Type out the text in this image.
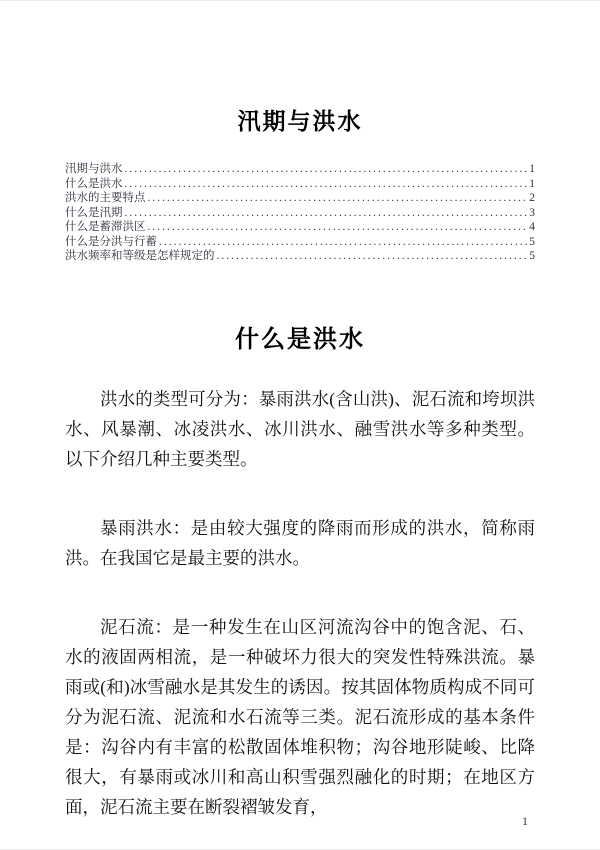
汛期与洪水
汛期与洪水 .....	1
什么是洪水 .....	1
洪水的主要特点 .....	2
什么是汛期 .....	3
什么是蓄滞洪区 .....	4
什么是分洪与行蓄 .....	5
洪水频率和等级是怎样规定的 .....	5
什么是洪水

洪水的类型可分为：暴雨洪水(含山洪)、泥石流和垮坝洪水、风暴潮、冰凌洪水、冰川洪水、融雪洪水等多种类型。以下介绍几种主要类型。

暴雨洪水：是由较大强度的降雨而形成的洪水，简称雨洪。在我国它是最主要的洪水。

泥石流：是一种发生在山区河流沟谷中的饱含泥、石、水的液固两相流，是一种破坏力很大的突发性特殊洪流。暴雨或(和)冰雪融水是其发生的诱因。按其固体物质构成不同可分为泥石流、泥流和水石流等三类。泥石流形成的基本条件是：沟谷内有丰富的松散固体堆积物；沟谷地形陡峻、比降很大，有暴雨或冰川和高山积雪强烈融化的时期；在地区方面，泥石流主要在断裂褶皱发育，

1
